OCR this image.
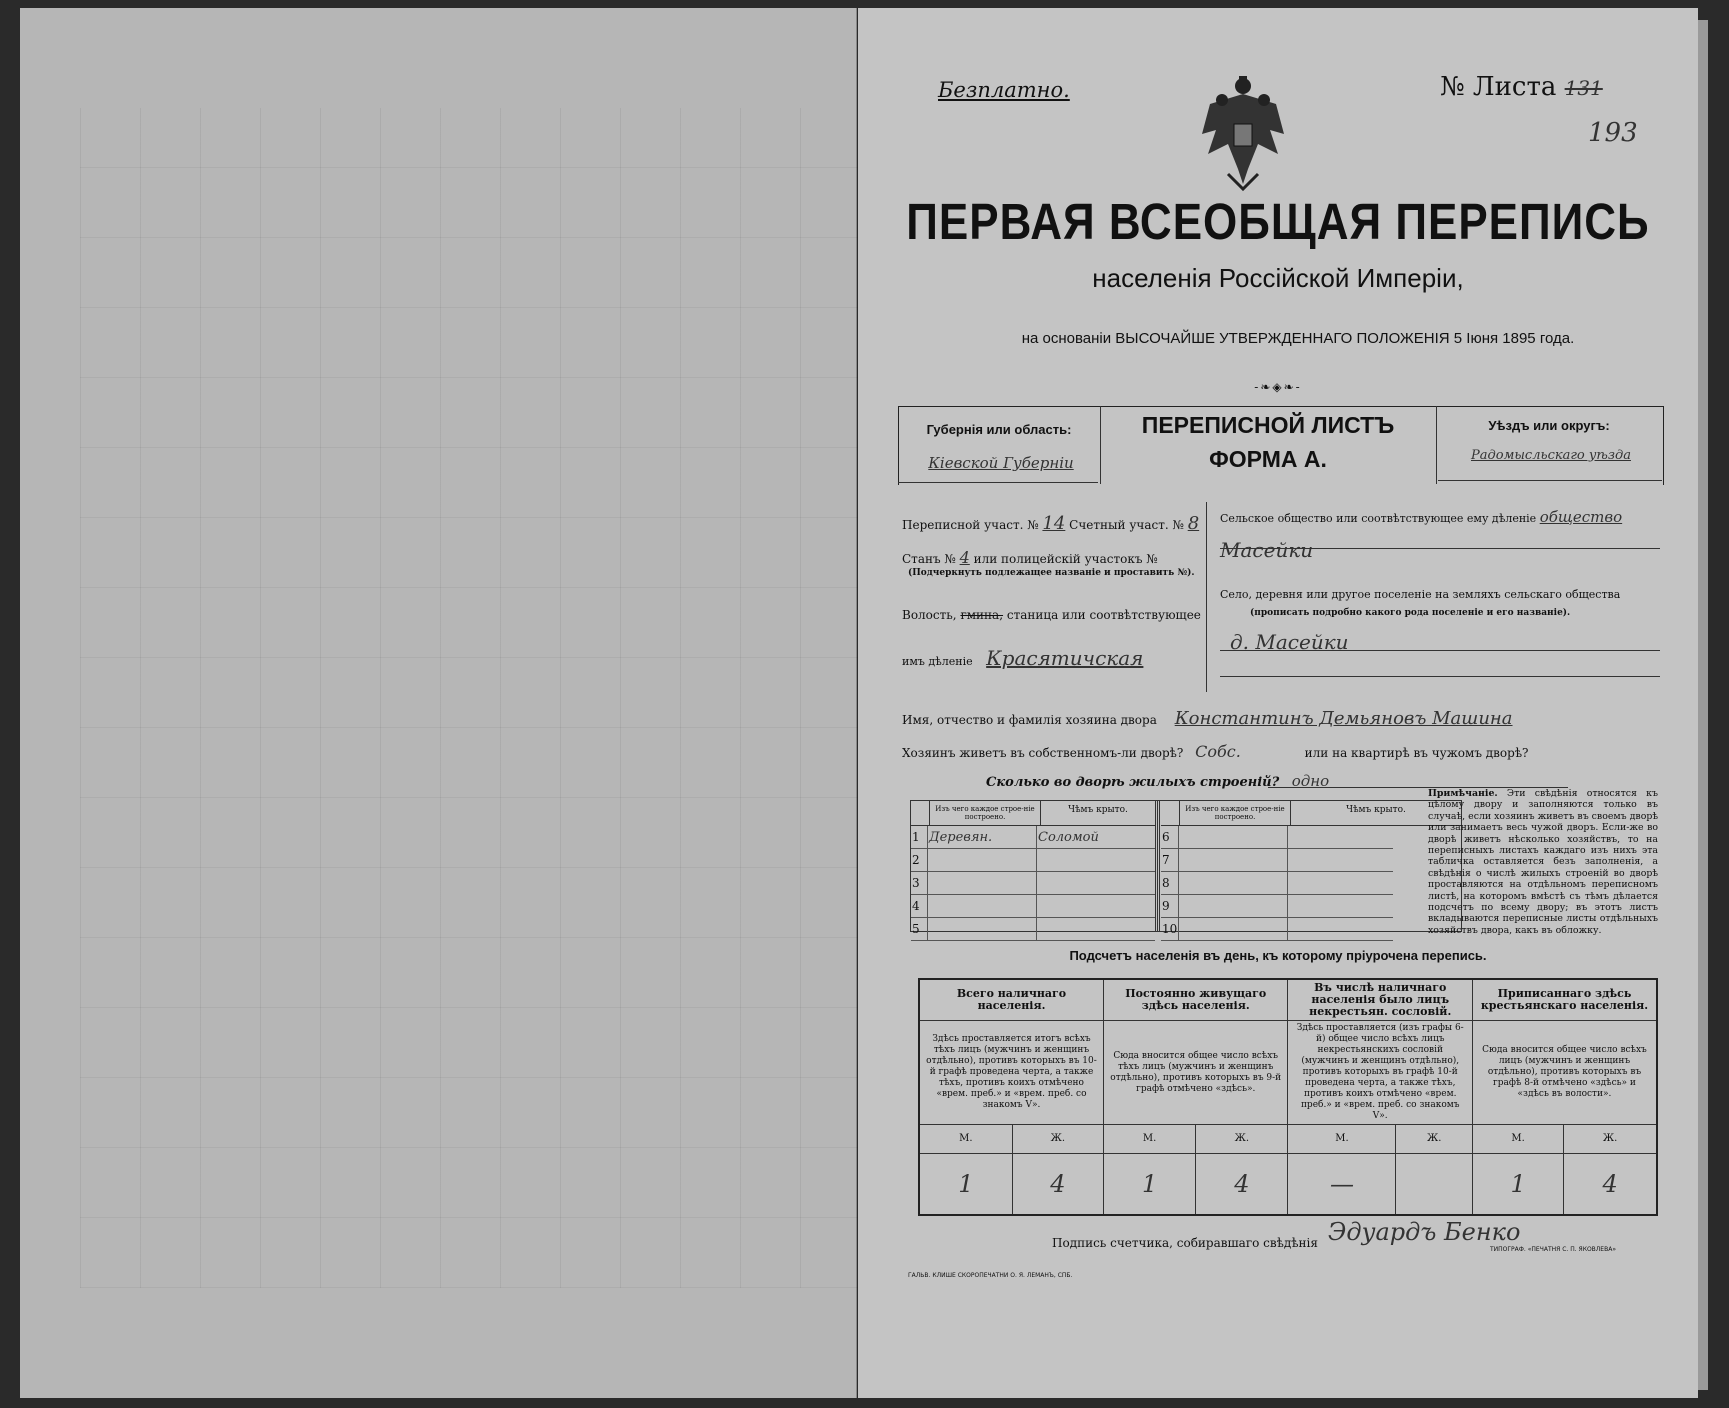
Безплатно.	№ Листа 131
193
ПЕРВАЯ ВСЕОБЩАЯ ПЕРЕПИСЬ
населенія Россійской Имперіи,
на основаніи ВЫСОЧАЙШЕ УТВЕРЖДЕННАГО ПОЛОЖЕНІЯ 5 Іюня 1895 года.
-❧◈❧-
Губернія или область:
Кіевской Губерніи
ПЕРЕПИСНОЙ ЛИСТЪ
ФОРМА А.
Уѣздъ или округъ:
Радомысльскаго уѣзда
Переписной участ. № 14 Счетный участ. № 8
Станъ № 4 или полицейскій участокъ №
(Подчеркнуть подлежащее названіе и проставить №).
Волость, гмина, станица или соотвѣтствующее
имъ дѣленіе Красятичская
Сельское общество или соотвѣтствующее ему дѣленіе общество
Масейки
Село, деревня или другое поселеніе на земляхъ сельскаго общества
(прописать подробно какого рода поселеніе и его названіе).
д. Масейки
Имя, отчество и фамилія хозяина двора Константинъ Демьяновъ Машина
Хозяинъ живетъ въ собственномъ-ли дворѣ? Собс.	или на квартирѣ въ чужомъ дворѣ?
Сколько во дворѣ жилыхъ строеній? одно
Изъ чего каждое строе-ніе построено.
Чѣмъ крыто.
1	Деревян.	Соломой
2		
3		
4		
5		
Изъ чего каждое строе-ніе построено.
Чѣмъ крыто.
6		
7		
8		
9		
10		
Примѣчаніе. Эти свѣдѣнія относятся къ цѣлому двору и заполняются только въ случаѣ, если хозяинъ живетъ въ своемъ дворѣ или занимаетъ весь чужой дворъ. Если-же во дворѣ живетъ нѣсколько хозяйствъ, то на переписныхъ листахъ каждаго изъ нихъ эта табличка оставляется безъ заполненія, а свѣдѣнія о числѣ жилыхъ строеній во дворѣ проставляются на отдѣльномъ переписномъ листѣ, на которомъ вмѣстѣ съ тѣмъ дѣлается подсчетъ по всему двору; въ этотъ листъ вкладываются переписные листы отдѣльныхъ хозяйствъ двора, какъ въ обложку.
Подсчетъ населенія въ день, къ которому пріурочена перепись.
Всего наличнаго населенія.		Постоянно живущаго здѣсь населенія.		Въ числѣ наличнаго населенія было лицъ некрестьян. сословій.		Приписаннаго здѣсь крестьянскаго населенія.	
Здѣсь проставляется итогъ всѣхъ тѣхъ лицъ (мужчинъ и женщинъ отдѣльно), противъ которыхъ въ 10-й графѣ проведена черта, а также тѣхъ, противъ коихъ отмѣчено «врем. преб.» и «врем. преб. со знакомъ V».		Сюда вносится общее число всѣхъ тѣхъ лицъ (мужчинъ и женщинъ отдѣльно), противъ которыхъ въ 9-й графѣ отмѣчено «здѣсь».		Здѣсь проставляется (изъ графы 6-й) общее число всѣхъ лицъ некрестьянскихъ сословій (мужчинъ и женщинъ отдѣльно), противъ которыхъ въ графѣ 10-й проведена черта, а также тѣхъ, противъ коихъ отмѣчено «врем. преб.» и «врем. преб. со знакомъ V».		Сюда вносится общее число всѣхъ лицъ (мужчинъ и женщинъ отдѣльно), противъ которыхъ въ графѣ 8-й отмѣчено «здѣсь» и «здѣсь въ волости».	
М.	Ж.	М.	Ж.	М.	Ж.	М.	Ж.
1	4	1	4	—		1	4
Подпись счетчика, собиравшаго свѣдѣнія Эдуардъ Бенко
ГАЛЬВ. КЛИШЕ СКОРОПЕЧАТНИ О. Я. ЛЕМАНЪ, СПБ.
ТИПОГРАФ. «ПЕЧАТНЯ С. П. ЯКОВЛЕВА»
